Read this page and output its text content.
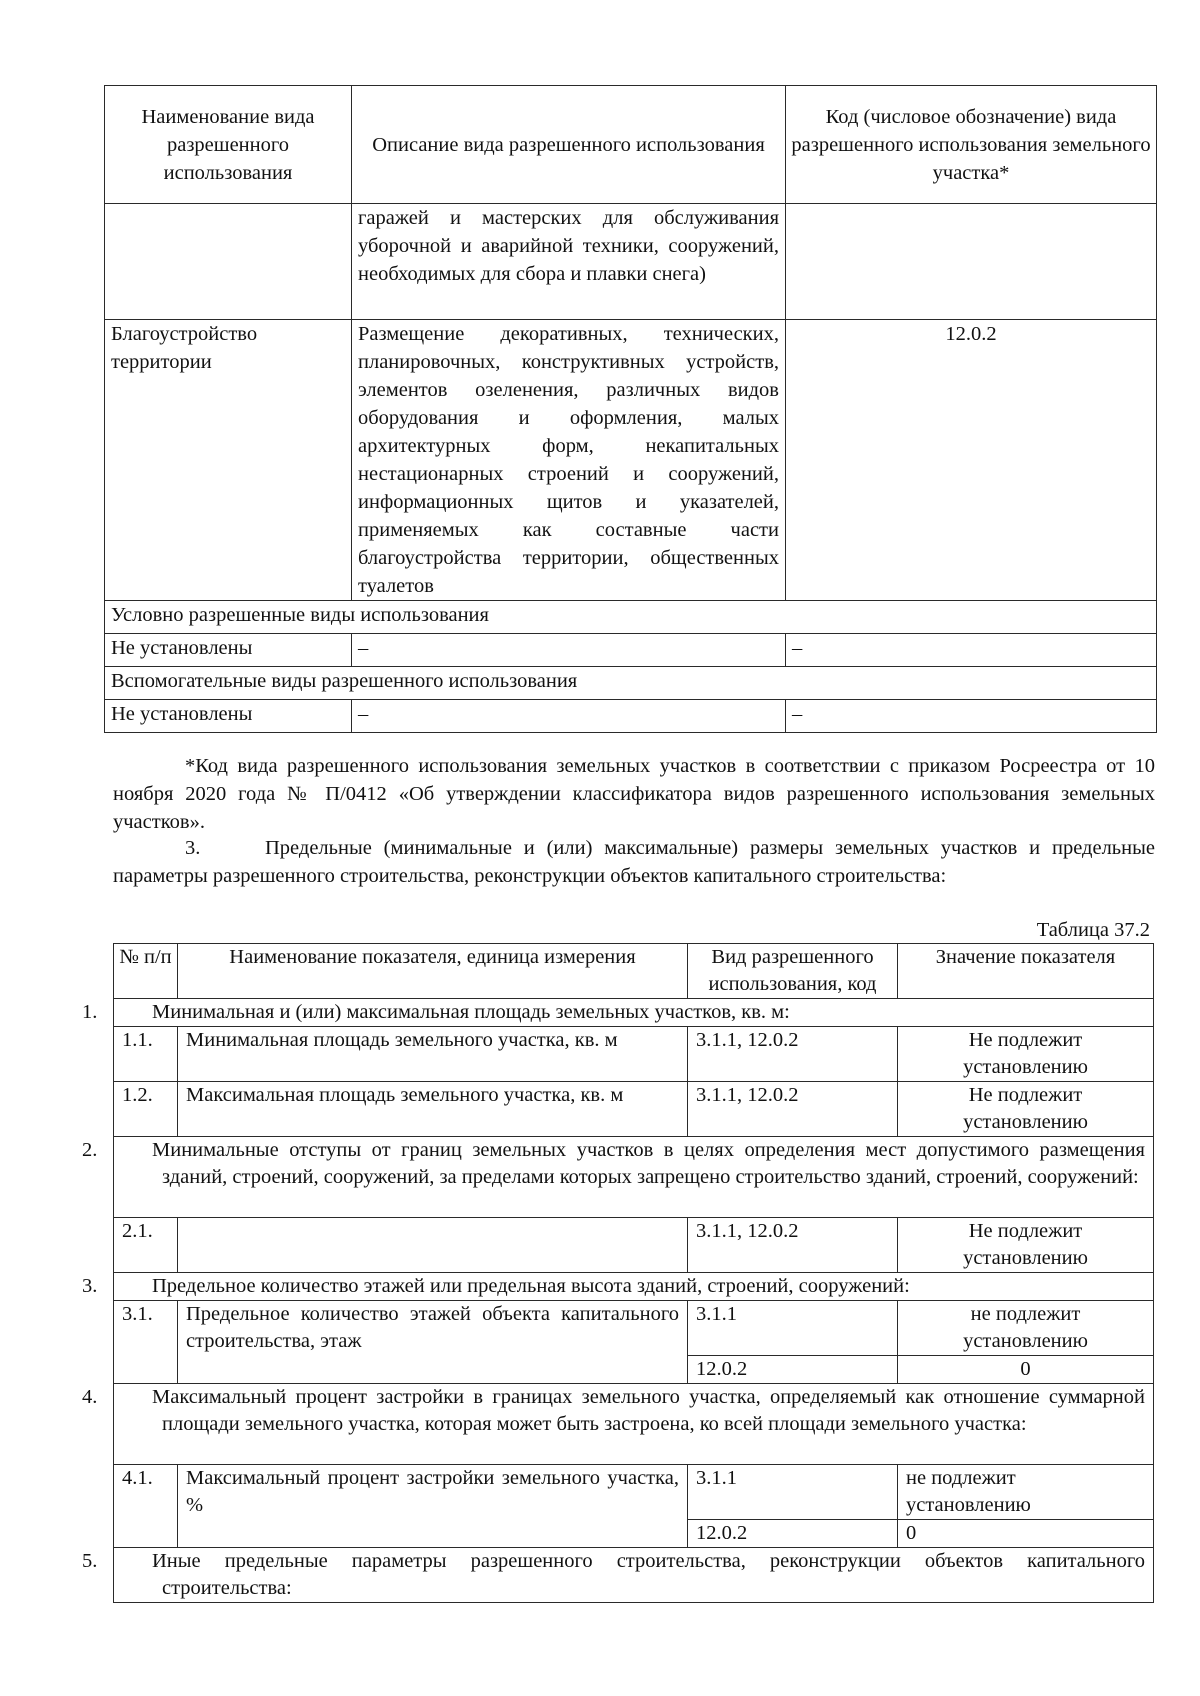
Наименование вида разрешенного использования	Описание вида разрешенного использования	Код (числовое обозначение) вида разрешенного использования земельного участка*
	гаражей и мастерских для обслуживания уборочной и аварийной техники, сооружений, необходимых для сбора и плавки снега)	
Благоустройство территории	Размещение декоративных, технических, планировочных, конструктивных устройств, элементов озеленения, различных видов оборудования и оформления, малых архитектурных форм, некапитальных нестационарных строений и сооружений, информационных щитов и указателей, применяемых как составные части благоустройства территории, общественных туалетов	12.0.2
Условно разрешенные виды использования		
Не установлены	–	–
Вспомогательные виды разрешенного использования		
Не установлены	–	–
*Код вида разрешенного использования земельных участков в соответствии с приказом Росреестра от 10 ноября 2020 года № П/0412 «Об утверждении классификатора видов разрешенного использования земельных участков».
3.	Предельные (минимальные и (или) максимальные) размеры земельных участков и предельные параметры разрешенного строительства, реконструкции объектов капитального строительства:
Таблица 37.2
№ п/п	Наименование показателя, единица измерения	Вид разрешенного использования, код	Значение показателя

1. Минимальная и (или) максимальная площадь земельных участков, кв. м:			

1.1.	Минимальная площадь земельного участка, кв. м	3.1.1, 12.0.2	Не подлежит установлению
1.2.	Максимальная площадь земельного участка, кв. м	3.1.1, 12.0.2	Не подлежит установлению

2. Минимальные отступы от границ земельных участков в целях определения мест допустимого размещения зданий, строений, сооружений, за пределами которых запрещено строительство зданий, строений, сооружений:			

2.1.		3.1.1, 12.0.2	Не подлежит установлению

3. Предельное количество этажей или предельная высота зданий, строений, сооружений:			

3.1.	Предельное количество этажей объекта капитального строительства, этаж	3.1.1	не подлежит установлению
		12.0.2	0

4. Максимальный процент застройки в границах земельного участка, определяемый как отношение суммарной площади земельного участка, которая может быть застроена, ко всей площади земельного участка:			

4.1.	Максимальный процент застройки земельного участка, %	3.1.1	не подлежит установлению
		12.0.2	0

5. Иные предельные параметры разрешенного строительства, реконструкции объектов капитального строительства:			
